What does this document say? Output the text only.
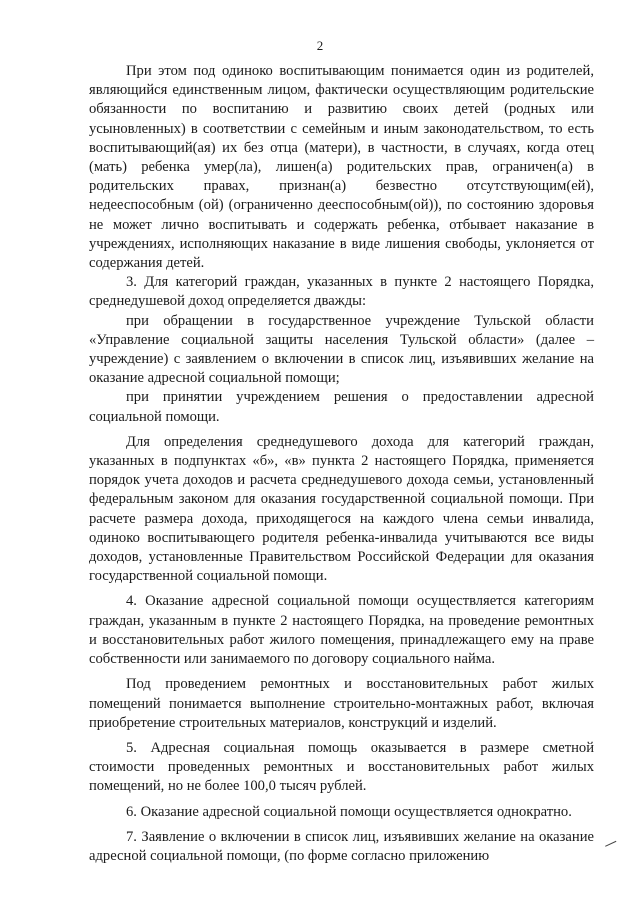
2

При этом под одиноко воспитывающим понимается один из родителей, являющийся единственным лицом, фактически осуществляющим родительские обязанности по воспитанию и развитию своих детей (родных или усыновленных) в соответствии с семейным и иным законодательством, то есть воспитывающий(ая) их без отца (матери), в частности, в случаях, когда отец (мать) ребенка умер(ла), лишен(а) родительских прав, ограничен(а) в родительских правах, признан(а) безвестно отсутствующим(ей), недееспособным (ой) (ограниченно дееспособным(ой)), по состоянию здоровья не может лично воспитывать и содержать ребенка, отбывает наказание в учреждениях, исполняющих наказание в виде лишения свободы, уклоняется от содержания детей.

3. Для категорий граждан, указанных в пункте 2 настоящего Порядка, среднедушевой доход определяется дважды:

при обращении в государственное учреждение Тульской области «Управление социальной защиты населения Тульской области» (далее – учреждение) с заявлением о включении в список лиц, изъявивших желание на оказание адресной социальной помощи;

при принятии учреждением решения о предоставлении адресной социальной помощи.

Для определения среднедушевого дохода для категорий граждан, указанных в подпунктах «б», «в» пункта 2 настоящего Порядка, применяется порядок учета доходов и расчета среднедушевого дохода семьи, установленный федеральным законом для оказания государственной социальной помощи. При расчете размера дохода, приходящегося на каждого члена семьи инвалида, одиноко воспитывающего родителя ребенка-инвалида учитываются все виды доходов, установленные Правительством Российской Федерации для оказания государственной социальной помощи.

4. Оказание адресной социальной помощи осуществляется категориям граждан, указанным в пункте 2 настоящего Порядка, на проведение ремонтных и восстановительных работ жилого помещения, принадлежащего ему на праве собственности или занимаемого по договору социального найма.

Под проведением ремонтных и восстановительных работ жилых помещений понимается выполнение строительно-монтажных работ, включая приобретение строительных материалов, конструкций и изделий.

5. Адресная социальная помощь оказывается в размере сметной стоимости проведенных ремонтных и восстановительных работ жилых помещений, но не более 100,0 тысяч рублей.

6. Оказание адресной социальной помощи осуществляется однократно.

7. Заявление о включении в список лиц, изъявивших желание на оказание адресной социальной помощи, (по форме согласно приложению
